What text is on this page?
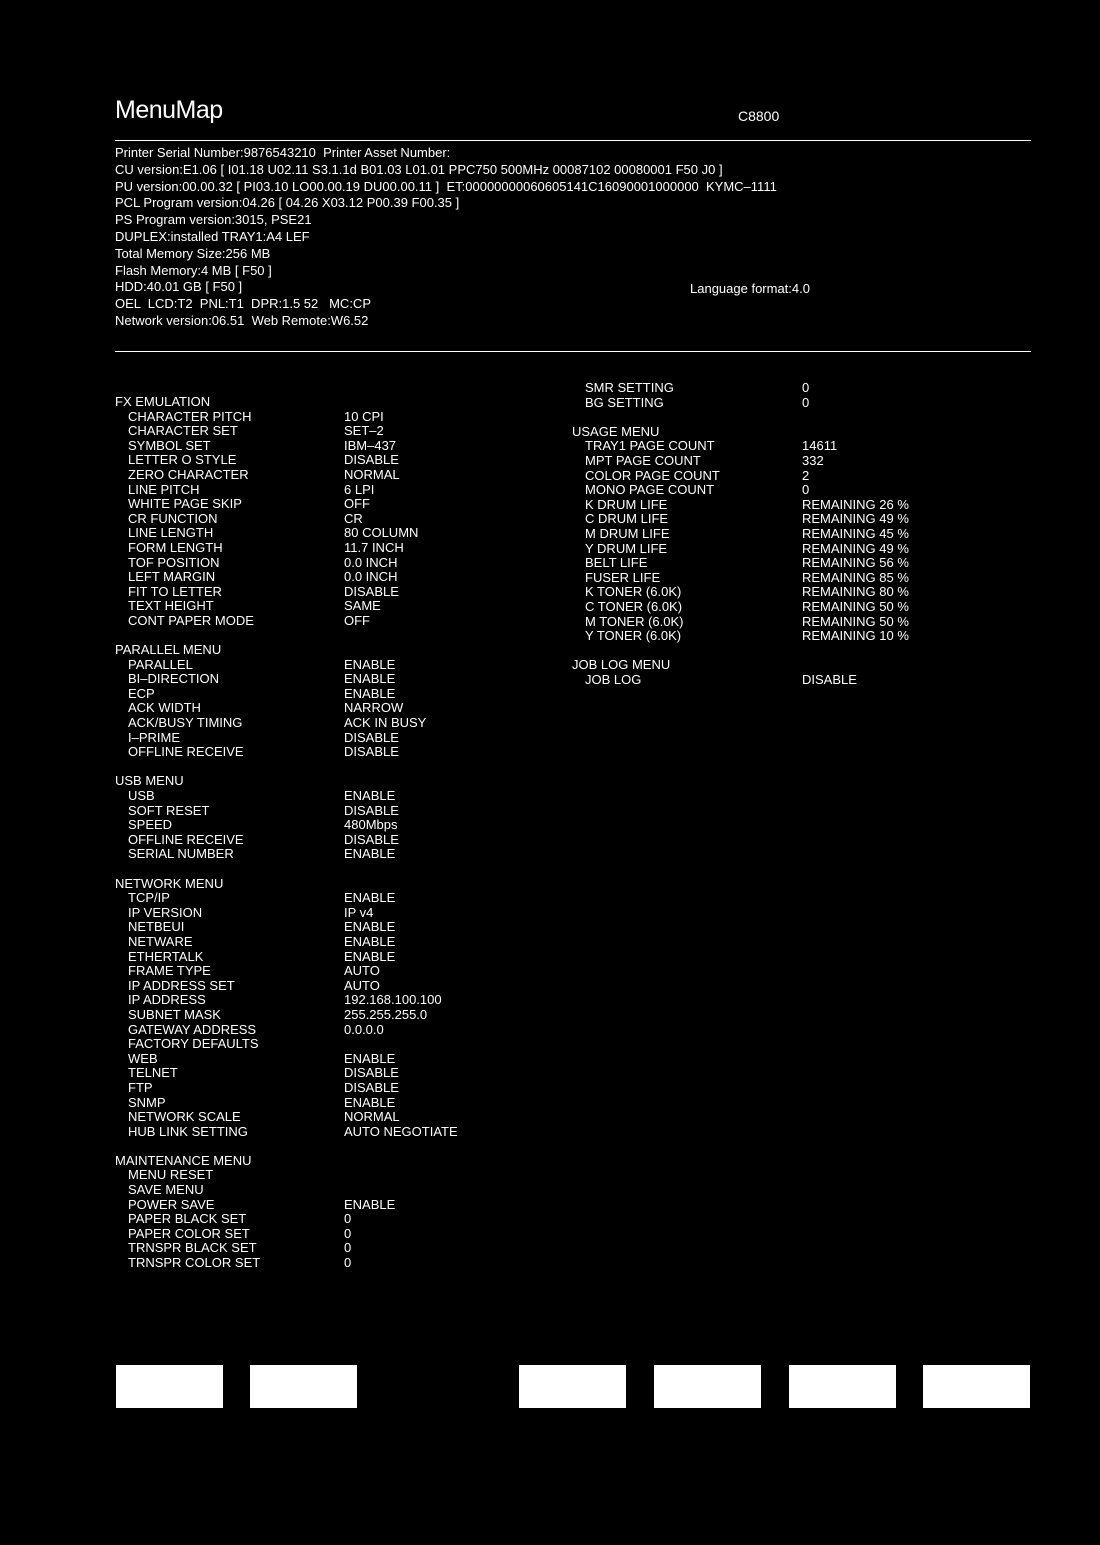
MenuMap	C8800
Printer Serial Number:9876543210  Printer Asset Number:
CU version:E1.06 [ I01.18 U02.11 S3.1.1d B01.03 L01.01 PPC750 500MHz 00087102 00080001 F50 J0 ]
PU version:00.00.32 [ PI03.10 LO00.00.19 DU00.00.11 ]  ET:00000000060605141C16090001000000  KYMC–1111
PCL Program version:04.26 [ 04.26 X03.12 P00.39 F00.35 ]
PS Program version:3015, PSE21
DUPLEX:installed TRAY1:A4 LEF
Total Memory Size:256 MB
Flash Memory:4 MB [ F50 ]
HDD:40.01 GB [ F50 ]
OEL  LCD:T2  PNL:T1  DPR:1.5 52   MC:CP
Network version:06.51  Web Remote:W6.52
Language format:4.0
FX EMULATION
CHARACTER PITCH	10 CPI
CHARACTER SET	SET–2
SYMBOL SET	IBM–437
LETTER O STYLE	DISABLE
ZERO CHARACTER	NORMAL
LINE PITCH	6 LPI
WHITE PAGE SKIP	OFF
CR FUNCTION	CR
LINE LENGTH	80 COLUMN
FORM LENGTH	11.7 INCH
TOF POSITION	0.0 INCH
LEFT MARGIN	0.0 INCH
FIT TO LETTER	DISABLE
TEXT HEIGHT	SAME
CONT PAPER MODE	OFF
PARALLEL MENU
PARALLEL	ENABLE
BI–DIRECTION	ENABLE
ECP	ENABLE
ACK WIDTH	NARROW
ACK/BUSY TIMING	ACK IN BUSY
I–PRIME	DISABLE
OFFLINE RECEIVE	DISABLE
USB MENU
USB	ENABLE
SOFT RESET	DISABLE
SPEED	480Mbps
OFFLINE RECEIVE	DISABLE
SERIAL NUMBER	ENABLE
NETWORK MENU
TCP/IP	ENABLE
IP VERSION	IP v4
NETBEUI	ENABLE
NETWARE	ENABLE
ETHERTALK	ENABLE
FRAME TYPE	AUTO
IP ADDRESS SET	AUTO
IP ADDRESS	192.168.100.100
SUBNET MASK	255.255.255.0
GATEWAY ADDRESS	0.0.0.0
FACTORY DEFAULTS
WEB	ENABLE
TELNET	DISABLE
FTP	DISABLE
SNMP	ENABLE
NETWORK SCALE	NORMAL
HUB LINK SETTING	AUTO NEGOTIATE
MAINTENANCE MENU
MENU RESET
SAVE MENU
POWER SAVE	ENABLE
PAPER BLACK SET	0
PAPER COLOR SET	0
TRNSPR BLACK SET	0
TRNSPR COLOR SET	0
SMR SETTING	0
BG SETTING	0
USAGE MENU
TRAY1 PAGE COUNT	14611
MPT PAGE COUNT	332
COLOR PAGE COUNT	2
MONO PAGE COUNT	0
K DRUM LIFE	REMAINING 26 %
C DRUM LIFE	REMAINING 49 %
M DRUM LIFE	REMAINING 45 %
Y DRUM LIFE	REMAINING 49 %
BELT LIFE	REMAINING 56 %
FUSER LIFE	REMAINING 85 %
K TONER (6.0K)	REMAINING 80 %
C TONER (6.0K)	REMAINING 50 %
M TONER (6.0K)	REMAINING 50 %
Y TONER (6.0K)	REMAINING 10 %
JOB LOG MENU
JOB LOG	DISABLE
